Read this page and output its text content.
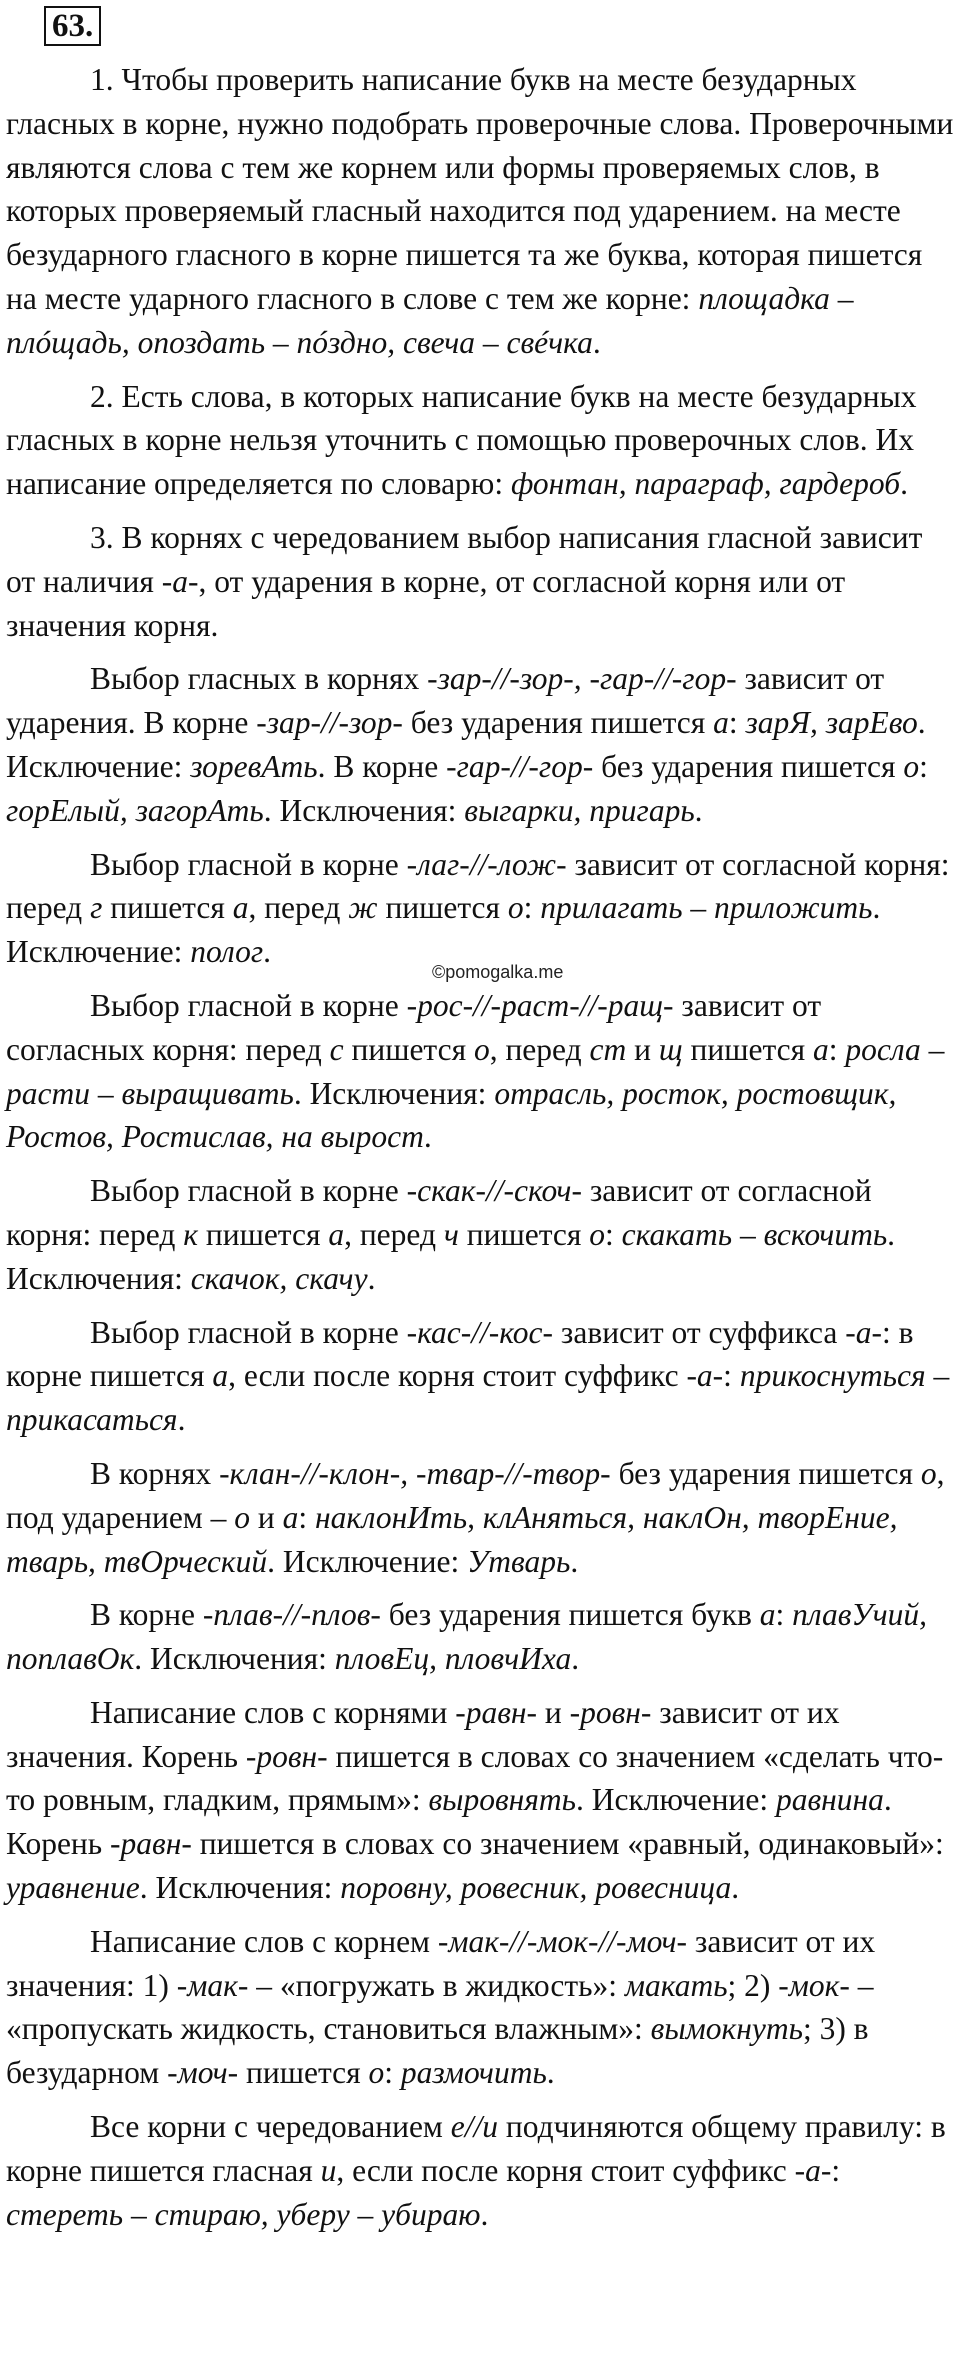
63.

1. Чтобы проверить написание букв на месте безударных гласных в корне, нужно подобрать проверочные слова. Проверочными являются слова с тем же корнем или формы проверяемых слов, в которых проверяемый гласный находится под ударением. на месте безударного гласного в корне пишется та же буква, которая пишется на месте ударного гласного в слове с тем же корне: площадка – плóщадь, опоздать – пóздно, свеча – свéчка.

2. Есть слова, в которых написание букв на месте безударных гласных в корне нельзя уточнить с помощью проверочных слов. Их написание определяется по словарю: фонтан, параграф, гардероб.

3. В корнях с чередованием выбор написания гласной зависит от наличия -а-, от ударения в корне, от согласной корня или от значения корня.

Выбор гласных в корнях -зар-//-зор-, -гар-//-гор- зависит от ударения. В корне -зар-//-зор- без ударения пишется а: зарЯ, зарЕво. Исключение: зоревАть. В корне -гар-//-гор- без ударения пишется о: горЕлый, загорАть. Исключения: выгарки, пригарь.

Выбор гласной в корне -лаг-//-лож- зависит от согласной корня: перед г пишется а, перед ж пишется о: прилагать – приложить. Исключение: полог.

Выбор гласной в корне -рос-//-раст-//-ращ- зависит от согласных корня: перед с пишется о, перед ст и щ пишется а: росла – расти – выращивать. Исключения: отрасль, росток, ростовщик, Ростов, Ростислав, на вырост.

Выбор гласной в корне -скак-//-скоч- зависит от согласной корня: перед к пишется а, перед ч пишется о: скакать – вскочить. Исключения: скачок, скачу.

Выбор гласной в корне -кас-//-кос- зависит от суффикса -а-: в корне пишется а, если после корня стоит суффикс -а-: прикоснуться – прикасаться.

В корнях -клан-//-клон-, -твар-//-твор- без ударения пишется о, под ударением – о и а: наклонИть, клАняться, наклОн, творЕние, тварь, твОрческий. Исключение: Утварь.

В корне -плав-//-плов- без ударения пишется букв а: плавУчий, поплавОк. Исключения: пловЕц, пловчИха.

Написание слов с корнями -равн- и -ровн- зависит от их значения. Корень -ровн- пишется в словах со значением «сделать что-то ровным, гладким, прямым»: выровнять. Исключение: равнина. Корень -равн- пишется в словах со значением «равный, одинаковый»: уравнение. Исключения: поровну, ровесник, ровесница.

Написание слов с корнем -мак-//-мок-//-моч- зависит от их значения: 1) -мак- – «погружать в жидкость»: макать; 2) -мок- – «пропускать жидкость, становиться влажным»: вымокнуть; 3) в безударном -моч- пишется о: размочить.

Все корни с чередованием е//и подчиняются общему правилу: в корне пишется гласная и, если после корня стоит суффикс -а-: стереть – стираю, уберу – убираю.

©pomogalka.me
